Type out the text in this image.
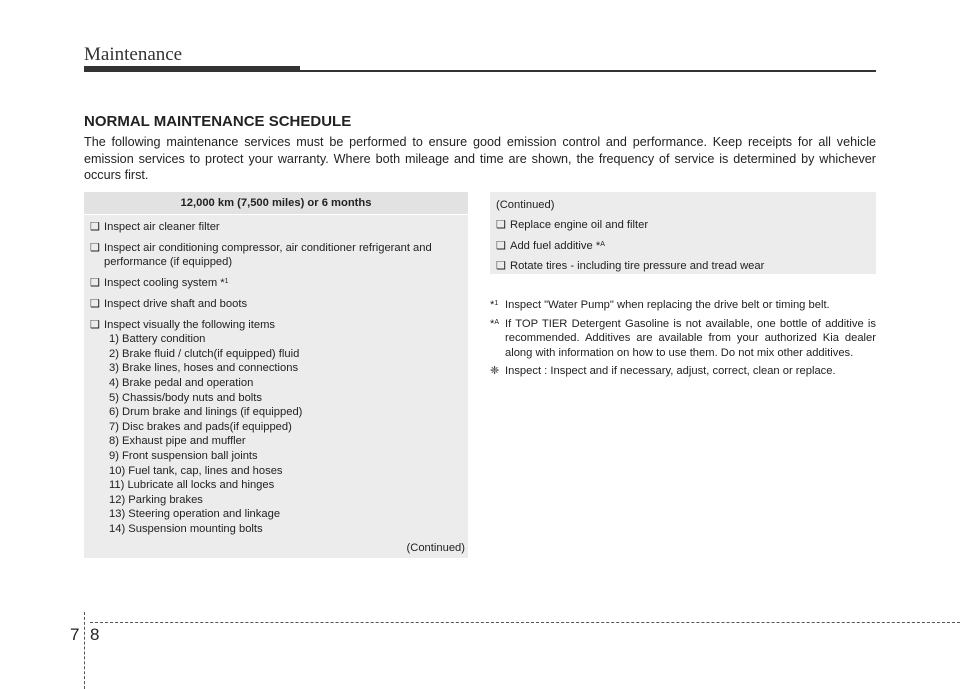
Maintenance
NORMAL MAINTENANCE SCHEDULE
The following maintenance services must be performed to ensure good emission control and performance. Keep receipts for all vehicle emission services to protect your warranty. Where both mileage and time are shown, the frequency of service is determined by whichever occurs first.
12,000 km (7,500 miles) or 6 months
❑ Inspect air cleaner filter
❑ Inspect air conditioning compressor, air conditioner refrigerant and performance (if equipped)
❑ Inspect cooling system *$^1$
❑ Inspect drive shaft and boots
❑ Inspect visually the following items
1) Battery condition
2) Brake fluid / clutch(if equipped) fluid
3) Brake lines, hoses and connections
4) Brake pedal and operation
5) Chassis/body nuts and bolts
6) Drum brake and linings (if equipped)
7) Disc brakes and pads(if equipped)
8) Exhaust pipe and muffler
9) Front suspension ball joints
10) Fuel tank, cap, lines and hoses
11) Lubricate all locks and hinges
12) Parking brakes
13) Steering operation and linkage
14) Suspension mounting bolts
(Continued)
(Continued)
❑ Replace engine oil and filter
❑ Add fuel additive *$^A$
❑ Rotate tires - including tire pressure and tread wear
*$^1$ Inspect "Water Pump" when replacing the drive belt or timing belt.
*$^A$ If TOP TIER Detergent Gasoline is not available, one bottle of additive is recommended. Additives are available from your authorized Kia dealer along with information on how to use them. Do not mix other additives.
❈ Inspect : Inspect and if necessary, adjust, correct, clean or replace.
7 8
